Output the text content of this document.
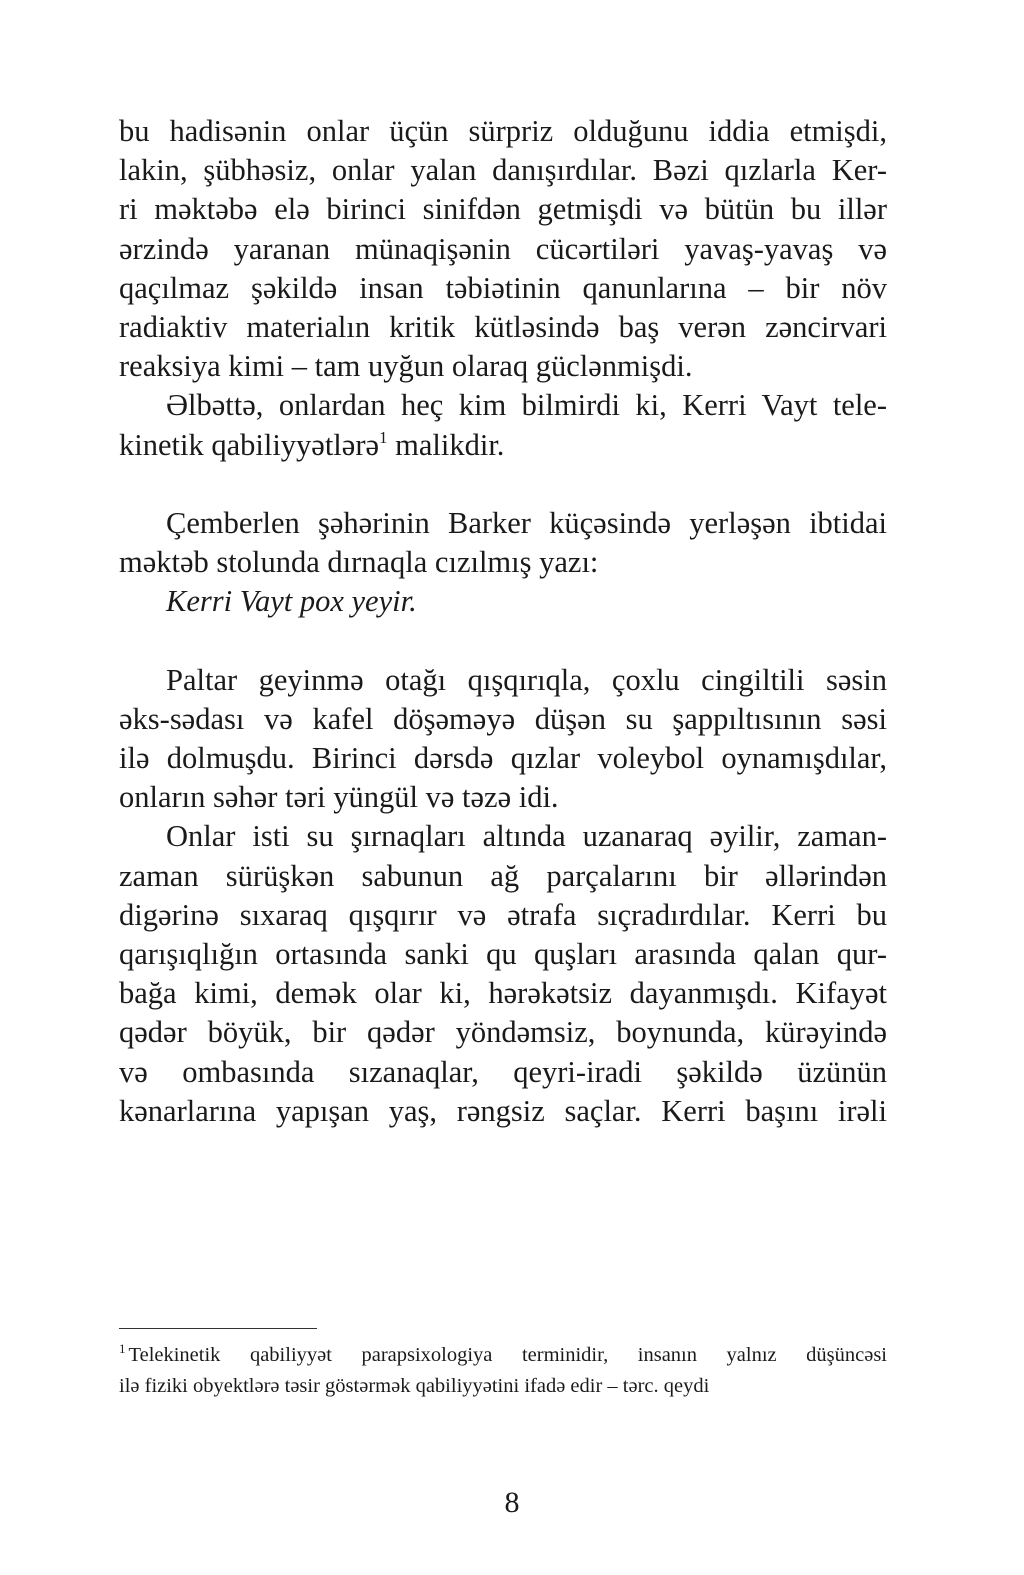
bu hadisənin onlar üçün sürpriz olduğunu iddia etmişdi,
lakin, şübhəsiz, onlar yalan danışırdılar. Bəzi qızlarla Ker-
ri məktəbə elə birinci sinifdən getmişdi və bütün bu illər
ərzində yaranan münaqişənin cücərtiləri yavaş-yavaş və
qaçılmaz şəkildə insan təbiətinin qanunlarına – bir növ
radiaktiv materialın kritik kütləsində baş verən zəncirvari
reaksiya kimi – tam uyğun olaraq güclənmişdi.
Əlbəttə, onlardan heç kim bilmirdi ki, Kerri Vayt tele-
kinetik qabiliyyətlərə$^1$ malikdir.
Çemberlen şəhərinin Barker küçəsində yerləşən ibtidai
məktəb stolunda dırnaqla cızılmış yazı:
Kerri Vayt pox yeyir.
Paltar geyinmə otağı qışqırıqla, çoxlu cingiltili səsin
əks-sədası və kafel döşəməyə düşən su şappıltısının səsi
ilə dolmuşdu. Birinci dərsdə qızlar voleybol oynamışdılar,
onların səhər təri yüngül və təzə idi.
Onlar isti su şırnaqları altında uzanaraq əyilir, zaman-
zaman sürüşkən sabunun ağ parçalarını bir əllərindən
digərinə sıxaraq qışqırır və ətrafa sıçradırdılar. Kerri bu
qarışıqlığın ortasında sanki qu quşları arasında qalan qur-
bağa kimi, demək olar ki, hərəkətsiz dayanmışdı. Kifayət
qədər böyük, bir qədər yöndəmsiz, boynunda, kürəyində
və ombasında sızanaqlar, qeyri-iradi şəkildə üzünün
kənarlarına yapışan yaş, rəngsiz saçlar. Kerri başını irəli
$^1$ Telekinetik qabiliyyət parapsixologiya terminidir, insanın yalnız düşüncəsi
ilə fiziki obyektlərə təsir göstərmək qabiliyyətini ifadə edir – tərc. qeydi
8
